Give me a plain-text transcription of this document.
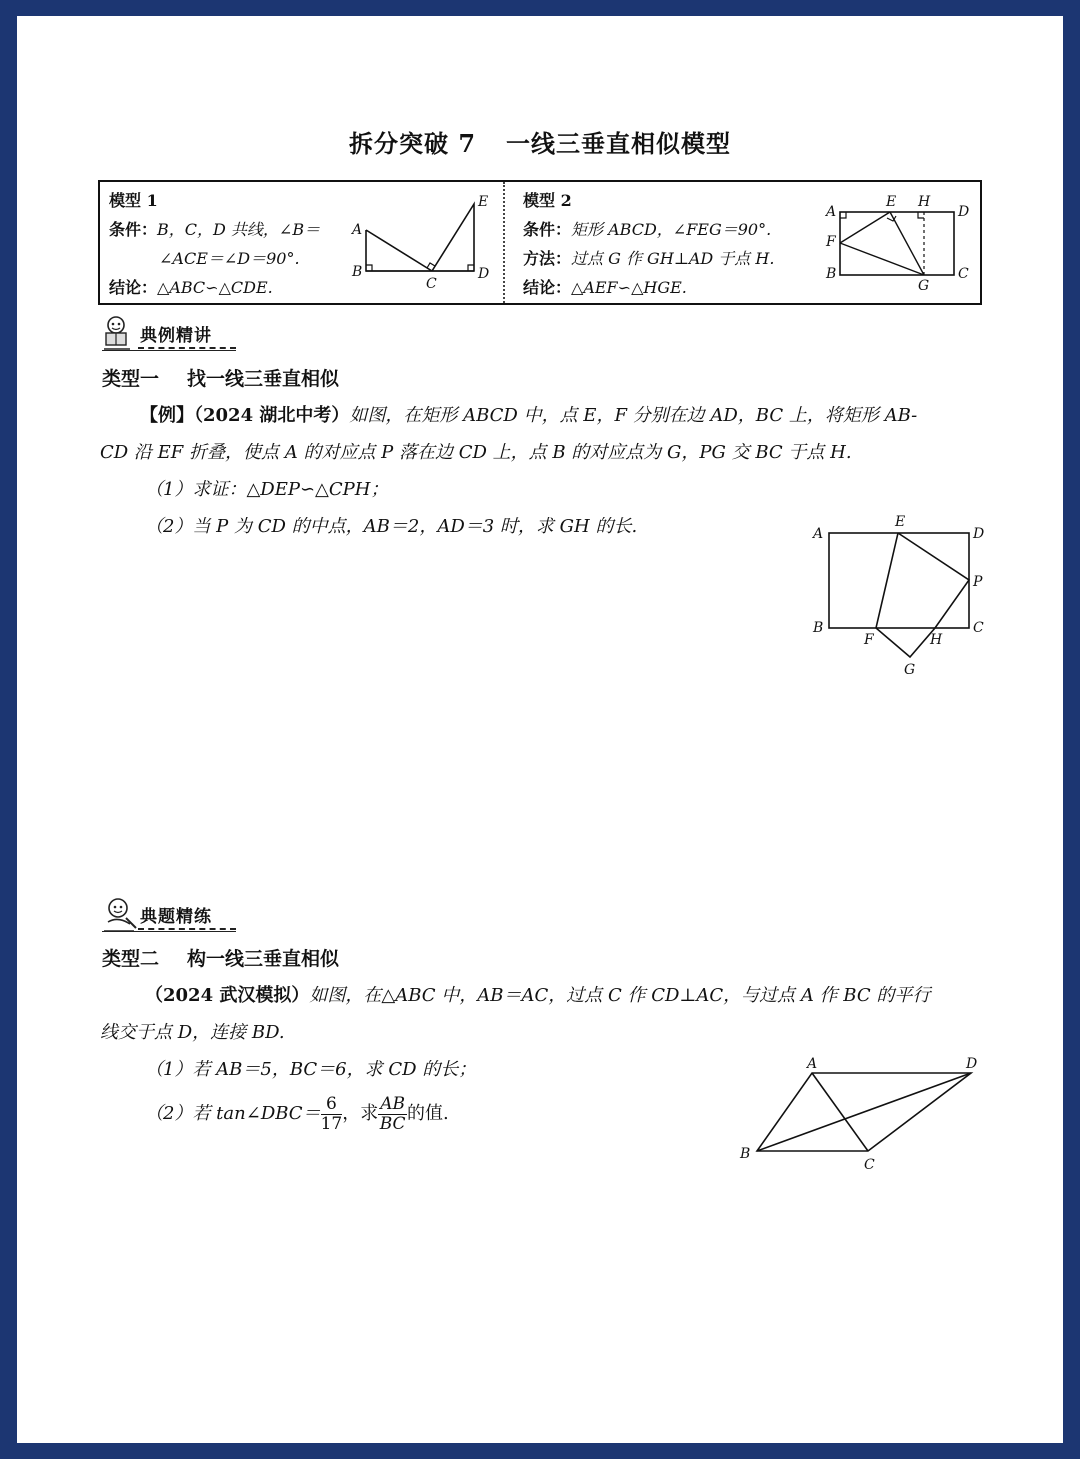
拆分突破 7 一线三垂直相似模型
模型 1
条件：B，C，D 共线，∠B＝
∠ACE＝∠D＝90°.
结论：△ABC∽△CDE.
A
B
C
D
E 模型 2
条件：矩形 ABCD，∠FEG＝90°.
方法：过点 G 作 GH⊥AD 于点 H.
结论：△AEF∽△HGE.
A
E H
D
F
B
G
C
典例精讲
类型一 找一线三垂直相似
【例】（2024 湖北中考）如图，在矩形 ABCD 中，点 E，F 分别在边 AD，BC 上，将矩形 AB-
CD 沿 EF 折叠，使点 A 的对应点 P 落在边 CD 上，点 B 的对应点为 G，PG 交 BC 于点 H.
（1）求证：△DEP∽△CPH；
（2）当 P 为 CD 的中点，AB＝2，AD＝3 时，求 GH 的长.	A
E
D
P
B
F	H
C
G
典题精练
类型二 构一线三垂直相似
（2024 武汉模拟）如图，在△ABC 中，AB＝AC，过点 C 作 CD⊥AC，与过点 A 作 BC 的平行
线交于点 D，连接 BD.
（1）若 AB＝5，BC＝6，求 CD 的长；
（2）若 tan∠DBC＝ $\frac{6}{17}$ ，求 $\frac{AB}{BC}$ 的值.
A	D
B
C
